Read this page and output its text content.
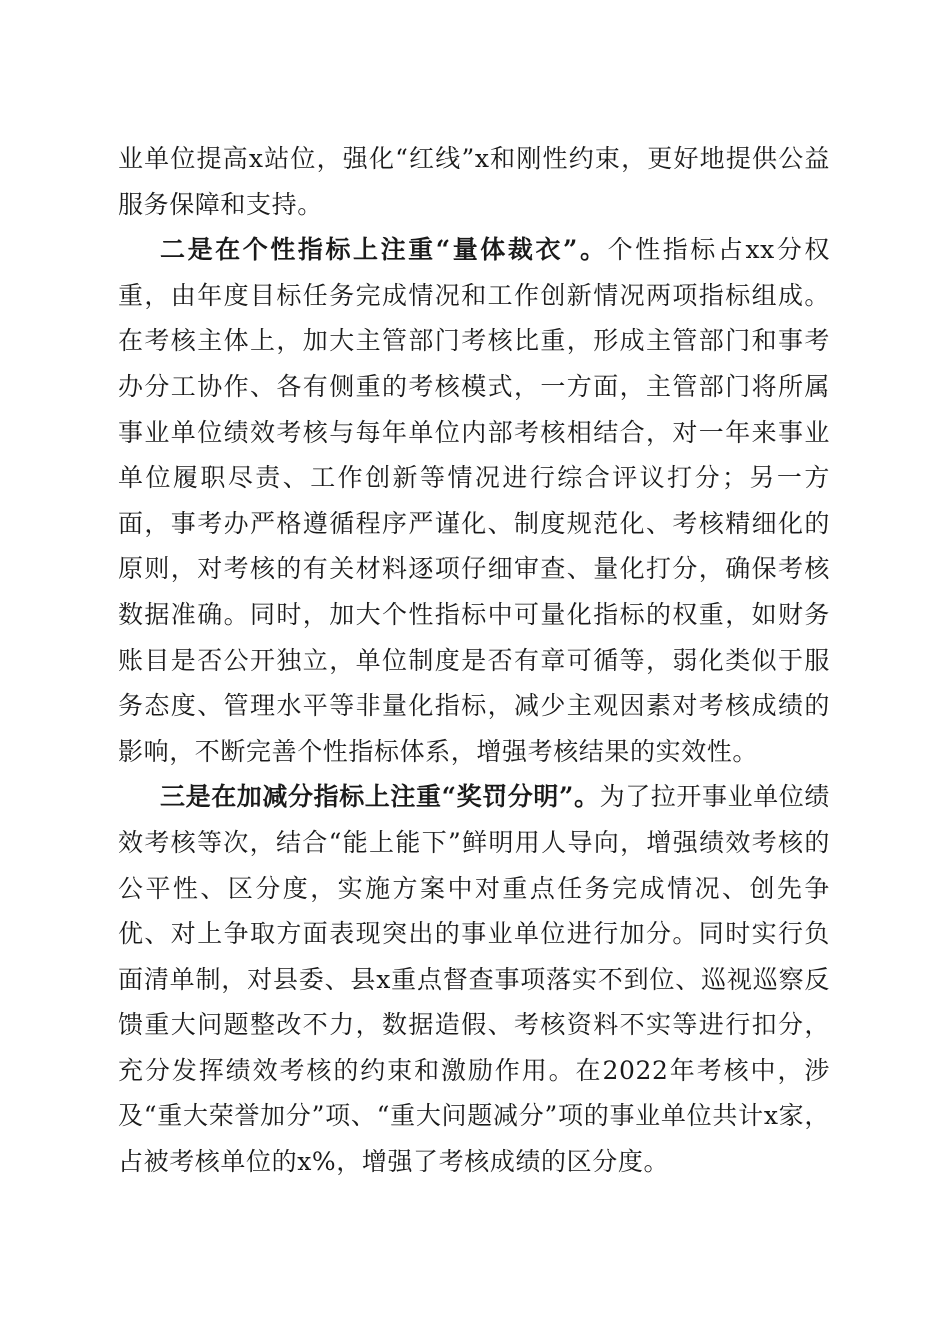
业单位提高x站位，强化“红线”x和刚性约束，更好地提供公益服务保障和支持。

二是在个性指标上注重“量体裁衣”。个性指标占xx分权重，由年度目标任务完成情况和工作创新情况两项指标组成。在考核主体上，加大主管部门考核比重，形成主管部门和事考办分工协作、各有侧重的考核模式，一方面，主管部门将所属事业单位绩效考核与每年单位内部考核相结合，对一年来事业单位履职尽责、工作创新等情况进行综合评议打分；另一方面，事考办严格遵循程序严谨化、制度规范化、考核精细化的原则，对考核的有关材料逐项仔细审查、量化打分，确保考核数据准确。同时，加大个性指标中可量化指标的权重，如财务账目是否公开独立，单位制度是否有章可循等，弱化类似于服务态度、管理水平等非量化指标，减少主观因素对考核成绩的影响，不断完善个性指标体系，增强考核结果的实效性。

三是在加减分指标上注重“奖罚分明”。为了拉开事业单位绩效考核等次，结合“能上能下”鲜明用人导向，增强绩效考核的公平性、区分度，实施方案中对重点任务完成情况、创先争优、对上争取方面表现突出的事业单位进行加分。同时实行负面清单制，对县委、县x重点督查事项落实不到位、巡视巡察反馈重大问题整改不力，数据造假、考核资料不实等进行扣分，充分发挥绩效考核的约束和激励作用。在2022年考核中，涉及“重大荣誉加分”项、“重大问题减分”项的事业单位共计x家，占被考核单位的x%，增强了考核成绩的区分度。
